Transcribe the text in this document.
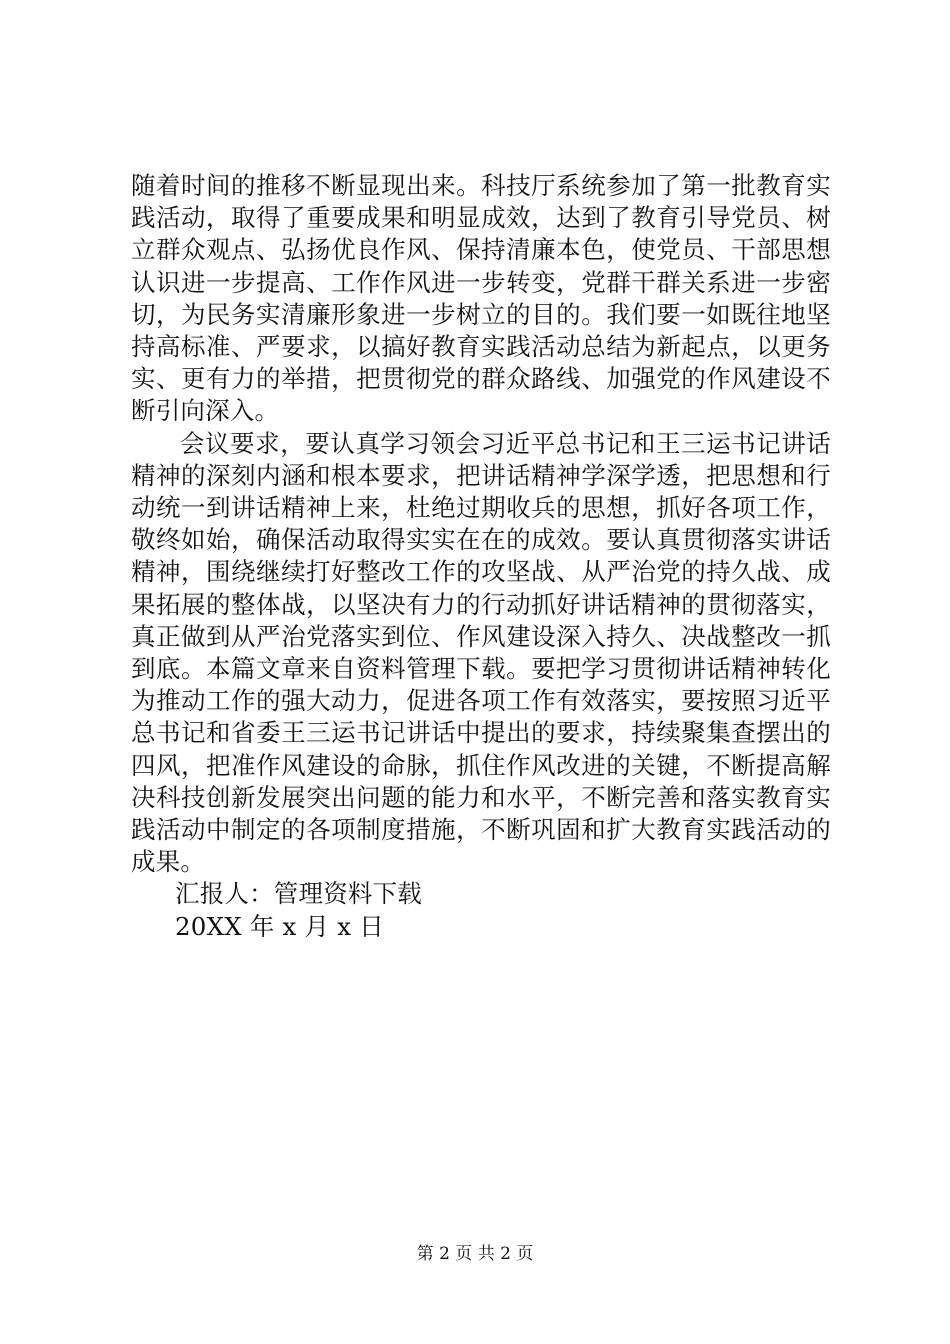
随着时间的推移不断显现出来。科技厅系统参加了第一批教育实践活动，取得了重要成果和明显成效，达到了教育引导党员、树立群众观点、弘扬优良作风、保持清廉本色，使党员、干部思想认识进一步提高、工作作风进一步转变，党群干群关系进一步密切，为民务实清廉形象进一步树立的目的。我们要一如既往地坚持高标准、严要求，以搞好教育实践活动总结为新起点，以更务实、更有力的举措，把贯彻党的群众路线、加强党的作风建设不断引向深入。

会议要求，要认真学习领会习近平总书记和王三运书记讲话精神的深刻内涵和根本要求，把讲话精神学深学透，把思想和行动统一到讲话精神上来，杜绝过期收兵的思想，抓好各项工作，敬终如始，确保活动取得实实在在的成效。要认真贯彻落实讲话精神，围绕继续打好整改工作的攻坚战、从严治党的持久战、成果拓展的整体战，以坚决有力的行动抓好讲话精神的贯彻落实，真正做到从严治党落实到位、作风建设深入持久、决战整改一抓到底。本篇文章来自资料管理下载。要把学习贯彻讲话精神转化为推动工作的强大动力，促进各项工作有效落实，要按照习近平总书记和省委王三运书记讲话中提出的要求，持续聚集查摆出的四风，把准作风建设的命脉，抓住作风改进的关键，不断提高解决科技创新发展突出问题的能力和水平，不断完善和落实教育实践活动中制定的各项制度措施，不断巩固和扩大教育实践活动的成果。

汇报人：管理资料下载

20XX 年 x 月 x 日

第 2 页 共 2 页
